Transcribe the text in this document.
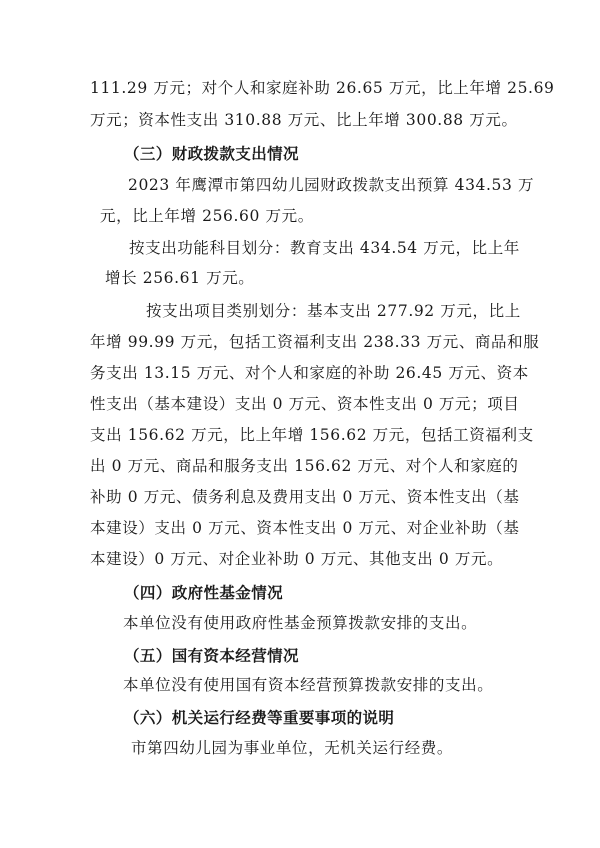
111.29 万元；对个人和家庭补助 26.65 万元，比上年增 25.69
万元；资本性支出 310.88 万元、比上年增 300.88 万元。
（三）财政拨款支出情况
2023 年鹰潭市第四幼儿园财政拨款支出预算 434.53 万
元，比上年增 256.60 万元。
按支出功能科目划分：教育支出 434.54 万元，比上年
增长 256.61 万元。
按支出项目类别划分：基本支出 277.92 万元，比上
年增 99.99 万元，包括工资福利支出 238.33 万元、商品和服
务支出 13.15 万元、对个人和家庭的补助 26.45 万元、资本
性支出（基本建设）支出 0 万元、资本性支出 0 万元；项目
支出 156.62 万元，比上年增 156.62 万元，包括工资福利支
出 0 万元、商品和服务支出 156.62 万元、对个人和家庭的
补助 0 万元、债务利息及费用支出 0 万元、资本性支出（基
本建设）支出 0 万元、资本性支出 0 万元、对企业补助（基
本建设）0 万元、对企业补助 0 万元、其他支出 0 万元。
（四）政府性基金情况
本单位没有使用政府性基金预算拨款安排的支出。
（五）国有资本经营情况
本单位没有使用国有资本经营预算拨款安排的支出。
（六）机关运行经费等重要事项的说明
市第四幼儿园为事业单位，无机关运行经费。
